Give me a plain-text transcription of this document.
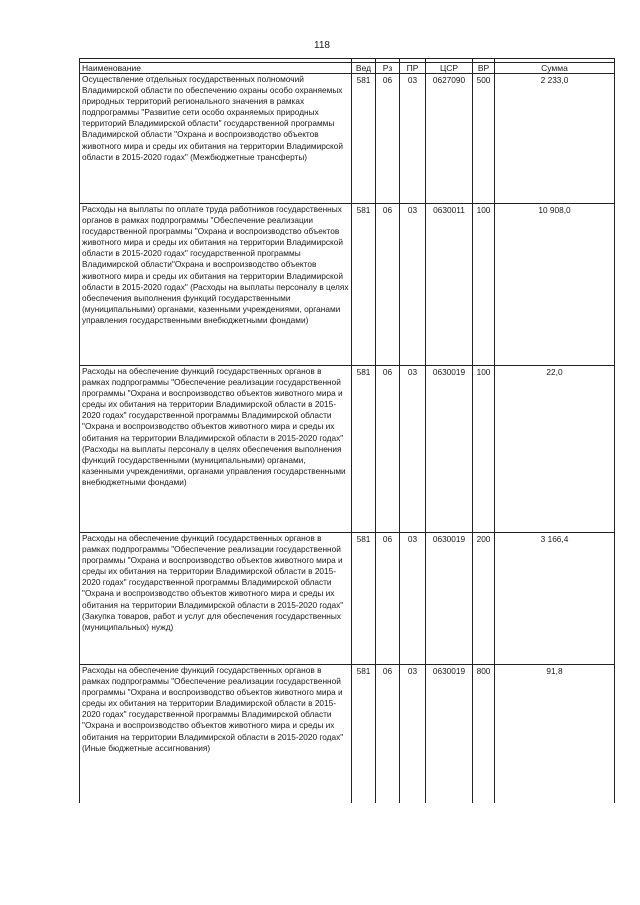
118

Наименование	Вед	Рз	ПР	ЦСР	ВР	Сумма
Осуществление отдельных государственных полномочий Владимирской области по обеспечению охраны особо охраняемых природных территорий регионального значения в рамках подпрограммы "Развитие сети особо охраняемых природных территорий Владимирской области" государственной программы Владимирской области "Охрана и воспроизводство объектов животного мира и среды их обитания на территории Владимирской области в 2015-2020 годах" (Межбюджетные трансферты)	581	06	03	0627090	500	2 233,0
Расходы на выплаты по оплате труда работников государственных органов в рамках подпрограммы "Обеспечение реализации государственной программы "Охрана и воспроизводство объектов животного мира и среды их обитания на территории Владимирской области в 2015-2020 годах" государственной программы Владимирской области"Охрана и воспроизводство объектов животного мира и среды их обитания на территории Владимирской области в 2015-2020 годах" (Расходы на выплаты персоналу в целях обеспечения выполнения функций государственными (муниципальными) органами, казенными учреждениями, органами управления государственными внебюджетными фондами)	581	06	03	0630011	100	10 908,0
Расходы на обеспечение функций государственных органов в рамках подпрограммы "Обеспечение реализации государственной программы "Охрана и воспроизводство объектов животного мира и среды их обитания на территории Владимирской области в 2015-2020 годах" государственной программы Владимирской области "Охрана и воспроизводство объектов животного мира и среды их обитания на территории Владимирской области в 2015-2020 годах" (Расходы на выплаты персоналу в целях обеспечения выполнения функций государственными (муниципальными) органами, казенными учреждениями, органами управления государственными внебюджетными фондами)	581	06	03	0630019	100	22,0
Расходы на обеспечение функций государственных органов в рамках подпрограммы "Обеспечение реализации государственной программы "Охрана и воспроизводство объектов животного мира и среды их обитания на территории Владимирской области в 2015-2020 годах" государственной программы Владимирской области "Охрана и воспроизводство объектов животного мира и среды их обитания на территории Владимирской области в 2015-2020 годах" (Закупка товаров, работ и услуг для обеспечения государственных (муниципальных) нужд)	581	06	03	0630019	200	3 166,4
Расходы на обеспечение функций государственных органов в рамках подпрограммы "Обеспечение реализации государственной программы "Охрана и воспроизводство объектов животного мира и среды их обитания на территории Владимирской области в 2015-2020 годах" государственной программы Владимирской области "Охрана и воспроизводство объектов животного мира и среды их обитания на территории Владимирской области в 2015-2020 годах" (Иные бюджетные ассигнования)	581	06	03	0630019	800	91,8
